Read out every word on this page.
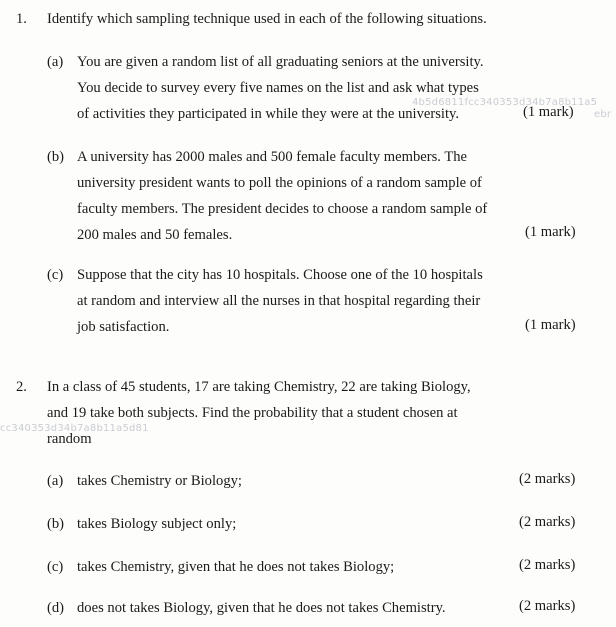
4b5d6811fcc340353d34b7a8b11a5
ebr
cc340353d34b7a8b11a5d81
1. Identify which sampling technique used in each of the following situations.
(a) You are given a random list of all graduating seniors at the university.
You decide to survey every five names on the list and ask what types
of activities they participated in while they were at the university.	(1 mark)
(b) A university has 2000 males and 500 female faculty members. The
university president wants to poll the opinions of a random sample of
faculty members. The president decides to choose a random sample of
200 males and 50 females.	(1 mark)
(c) Suppose that the city has 10 hospitals. Choose one of the 10 hospitals
at random and interview all the nurses in that hospital regarding their
job satisfaction.	(1 mark)
2. In a class of 45 students, 17 are taking Chemistry, 22 are taking Biology,
and 19 take both subjects. Find the probability that a student chosen at
random
(a) takes Chemistry or Biology;	(2 marks)
(b) takes Biology subject only;	(2 marks)
(c) takes Chemistry, given that he does not takes Biology;	(2 marks)
(d) does not takes Biology, given that he does not takes Chemistry.	(2 marks)
